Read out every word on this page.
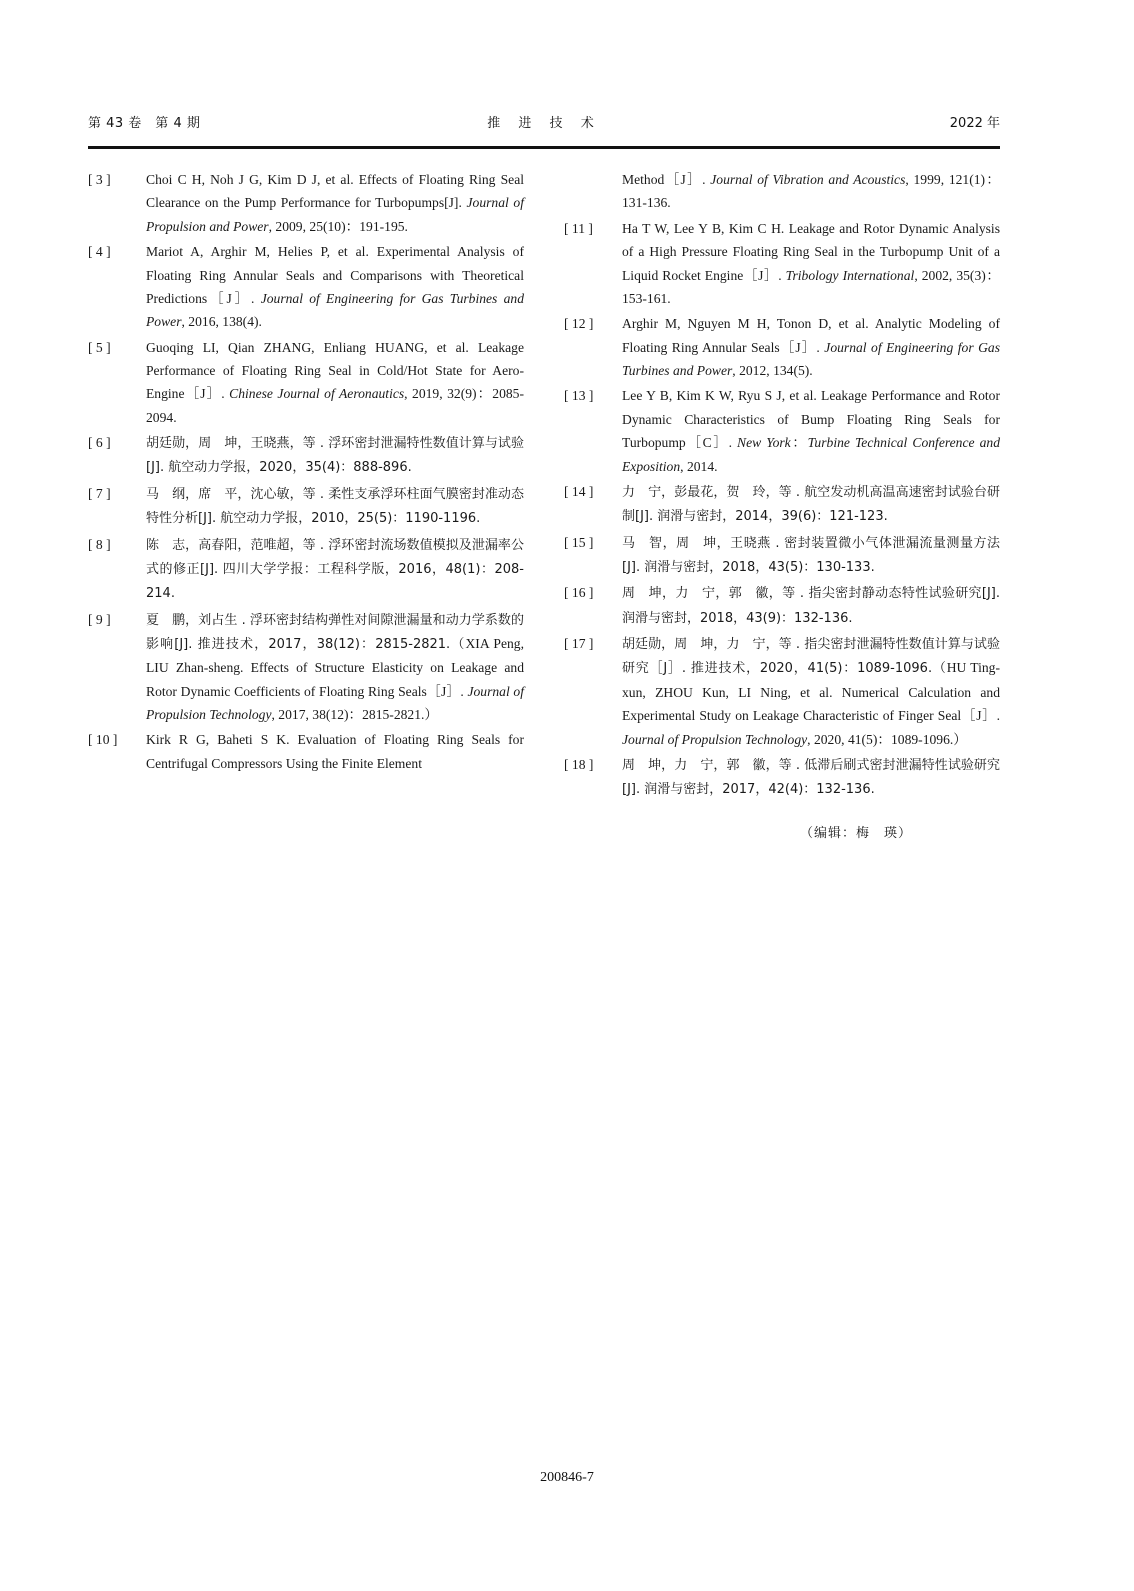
第 43 卷　第 4 期	推 进 技 术	2022 年
[ 3 ]	Choi C H, Noh J G, Kim D J, et al. Effects of Floating Ring Seal Clearance on the Pump Performance for Turbopumps[J]. Journal of Propulsion and Power, 2009, 25(10)：191-195.
[ 4 ]	Mariot A, Arghir M, Helies P, et al. Experimental Analysis of Floating Ring Annular Seals and Comparisons with Theoretical Predictions［J］. Journal of Engineering for Gas Turbines and Power, 2016, 138(4).
[ 5 ]	Guoqing LI, Qian ZHANG, Enliang HUANG, et al. Leakage Performance of Floating Ring Seal in Cold/Hot State for Aero-Engine［J］. Chinese Journal of Aeronautics, 2019, 32(9)：2085-2094.
[ 6 ]	胡廷勋，周　坤，王晓燕，等 . 浮环密封泄漏特性数值计算与试验[J]. 航空动力学报，2020，35(4)：888-896.
[ 7 ]	马　纲，席　平，沈心敏，等 . 柔性支承浮环柱面气膜密封准动态特性分析[J]. 航空动力学报，2010，25(5)：1190-1196.
[ 8 ]	陈　志，高春阳，范唯超，等 . 浮环密封流场数值模拟及泄漏率公式的修正[J]. 四川大学学报：工程科学版，2016，48(1)：208-214.
[ 9 ]	夏　鹏，刘占生 . 浮环密封结构弹性对间隙泄漏量和动力学系数的影响[J]. 推进技术，2017，38(12)：2815-2821.（XIA Peng, LIU Zhan-sheng. Effects of Structure Elasticity on Leakage and Rotor Dynamic Coefficients of Floating Ring Seals［J］. Journal of Propulsion Technology, 2017, 38(12)：2815-2821.）
[ 10 ]	Kirk R G, Baheti S K. Evaluation of Floating Ring Seals for Centrifugal Compressors Using the Finite Element
Method［J］. Journal of Vibration and Acoustics, 1999, 121(1)：131-136.
[ 11 ]	Ha T W, Lee Y B, Kim C H. Leakage and Rotor Dynamic Analysis of a High Pressure Floating Ring Seal in the Turbopump Unit of a Liquid Rocket Engine［J］. Tribology International, 2002, 35(3)：153-161.
[ 12 ]	Arghir M, Nguyen M H, Tonon D, et al. Analytic Modeling of Floating Ring Annular Seals［J］. Journal of Engineering for Gas Turbines and Power, 2012, 134(5).
[ 13 ]	Lee Y B, Kim K W, Ryu S J, et al. Leakage Performance and Rotor Dynamic Characteristics of Bump Floating Ring Seals for Turbopump［C］. New York：Turbine Technical Conference and Exposition, 2014.
[ 14 ]	力　宁，彭最花，贺　玲，等 . 航空发动机高温高速密封试验台研制[J]. 润滑与密封，2014，39(6)：121-123.
[ 15 ]	马　智，周　坤，王晓燕 . 密封装置微小气体泄漏流量测量方法[J]. 润滑与密封，2018，43(5)：130-133.
[ 16 ]	周　坤，力　宁，郭　徽，等 . 指尖密封静动态特性试验研究[J]. 润滑与密封，2018，43(9)：132-136.
[ 17 ]	胡廷勋，周　坤，力　宁，等 . 指尖密封泄漏特性数值计算与试验研究［J］. 推进技术，2020，41(5)：1089-1096.（HU Ting-xun, ZHOU Kun, LI Ning, et al. Numerical Calculation and Experimental Study on Leakage Characteristic of Finger Seal［J］. Journal of Propulsion Technology, 2020, 41(5)：1089-1096.）
[ 18 ]	周　坤，力　宁，郭　徽，等 . 低滞后刷式密封泄漏特性试验研究[J]. 润滑与密封，2017，42(4)：132-136.
（编辑：梅　瑛）
200846-7
